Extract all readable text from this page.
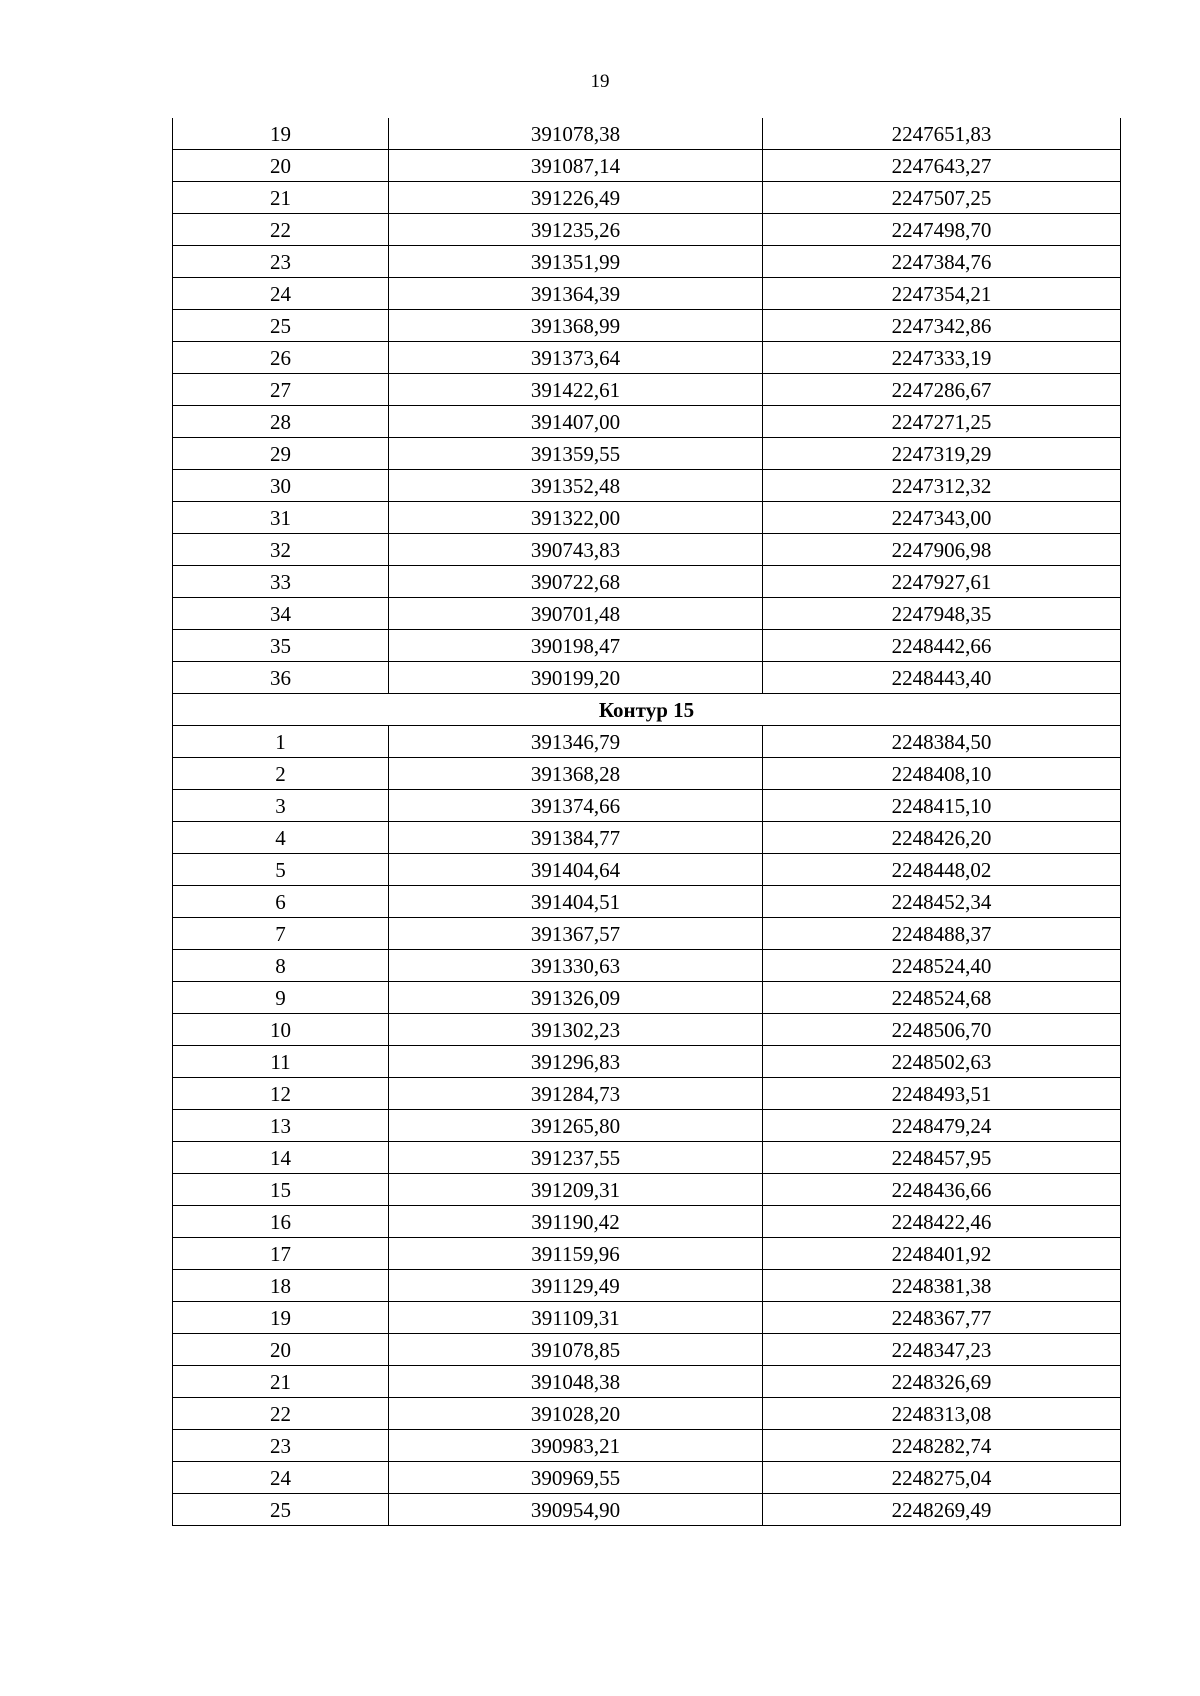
19
19	391078,38	2247651,83
20	391087,14	2247643,27
21	391226,49	2247507,25
22	391235,26	2247498,70
23	391351,99	2247384,76
24	391364,39	2247354,21
25	391368,99	2247342,86
26	391373,64	2247333,19
27	391422,61	2247286,67
28	391407,00	2247271,25
29	391359,55	2247319,29
30	391352,48	2247312,32
31	391322,00	2247343,00
32	390743,83	2247906,98
33	390722,68	2247927,61
34	390701,48	2247948,35
35	390198,47	2248442,66
36	390199,20	2248443,40
Контур 15		
1	391346,79	2248384,50
2	391368,28	2248408,10
3	391374,66	2248415,10
4	391384,77	2248426,20
5	391404,64	2248448,02
6	391404,51	2248452,34
7	391367,57	2248488,37
8	391330,63	2248524,40
9	391326,09	2248524,68
10	391302,23	2248506,70
11	391296,83	2248502,63
12	391284,73	2248493,51
13	391265,80	2248479,24
14	391237,55	2248457,95
15	391209,31	2248436,66
16	391190,42	2248422,46
17	391159,96	2248401,92
18	391129,49	2248381,38
19	391109,31	2248367,77
20	391078,85	2248347,23
21	391048,38	2248326,69
22	391028,20	2248313,08
23	390983,21	2248282,74
24	390969,55	2248275,04
25	390954,90	2248269,49
